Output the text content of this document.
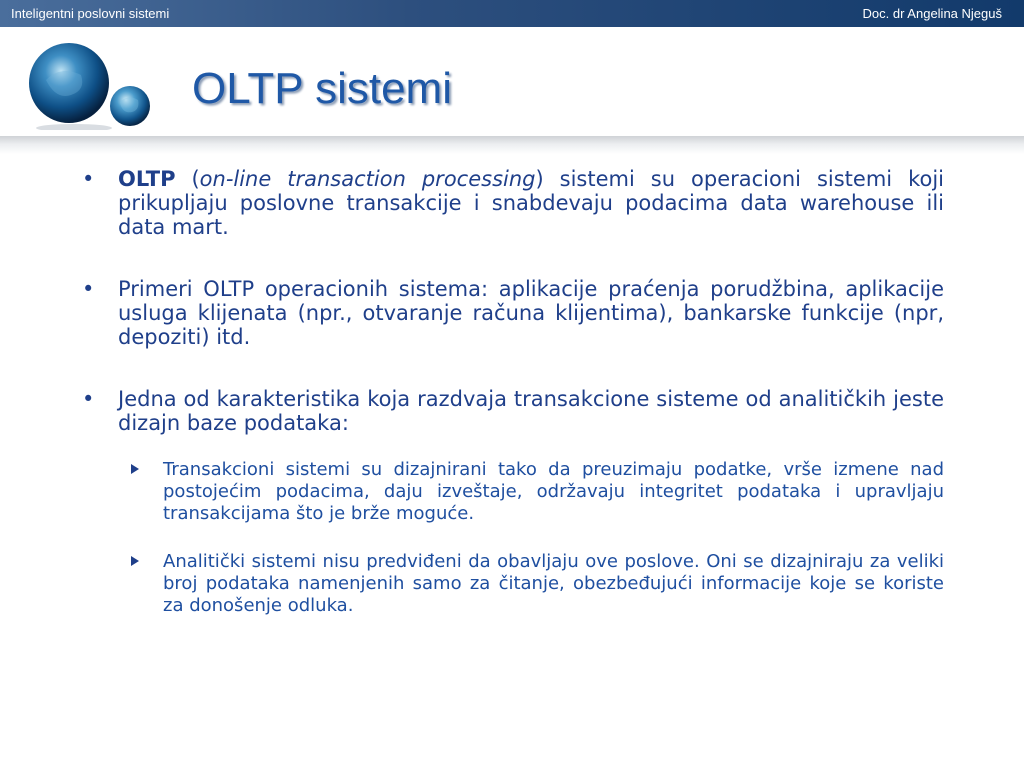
Inteligentni poslovni sistemi	Doc. dr Angelina Njeguš
OLTP sistemi
• OLTP (on-line transaction processing) sistemi su operacioni sistemi koji prikupljaju poslovne transakcije i snabdevaju podacima data warehouse ili data mart.
• Primeri OLTP operacionih sistema: aplikacije praćenja porudžbina, aplikacije usluga klijenata (npr., otvaranje računa klijentima), bankarske funkcije (npr, depoziti) itd.
• Jedna od karakteristika koja razdvaja transakcione sisteme od analitičkih jeste dizajn baze podataka:
Transakcioni sistemi su dizajnirani tako da preuzimaju podatke, vrše izmene nad postojećim podacima, daju izveštaje, održavaju integritet podataka i upravljaju transakcijama što je brže moguće.
Analitički sistemi nisu predviđeni da obavljaju ove poslove. Oni se dizajniraju za veliki broj podataka namenjenih samo za čitanje, obezbeđujući informacije koje se koriste za donošenje odluka.
